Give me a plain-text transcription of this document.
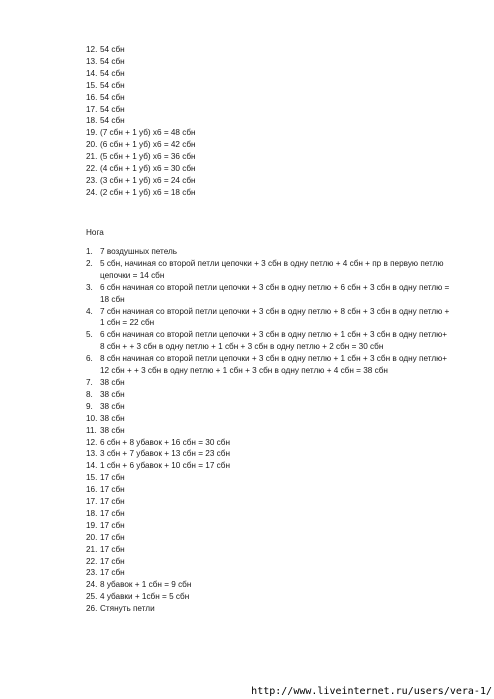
12. 54 сбн
13. 54 сбн
14. 54 сбн
15. 54 сбн
16. 54 сбн
17. 54 сбн
18. 54 сбн
19. (7 сбн + 1 уб) х6 = 48 сбн
20. (6 сбн + 1 уб) х6 = 42 сбн
21. (5 сбн + 1 уб) х6 = 36 сбн
22. (4 сбн + 1 уб) х6 = 30 сбн
23. (3 сбн + 1 уб) х6 = 24 сбн
24. (2 сбн + 1 уб) х6 = 18 сбн
Нога
1. 7 воздушных петель
2. 5 сбн, начиная со второй петли цепочки + 3 сбн в одну петлю + 4 сбн + пр в первую петлю
цепочки = 14 сбн
3. 6 сбн начиная со второй петли цепочки + 3 сбн в одну петлю + 6 сбн + 3 сбн в одну петлю =
18 сбн
4. 7 сбн начиная со второй петли цепочки + 3 сбн в одну петлю + 8 сбн + 3 сбн в одну петлю +
1 сбн = 22 сбн
5. 6 сбн начиная со второй петли цепочки + 3 сбн в одну петлю + 1 сбн + 3 сбн в одну петлю+
8 сбн + + 3 сбн в одну петлю + 1 сбн + 3 сбн в одну петлю + 2 сбн = 30 сбн
6. 8 сбн начиная со второй петли цепочки + 3 сбн в одну петлю + 1 сбн + 3 сбн в одну петлю+
12 сбн + + 3 сбн в одну петлю + 1 сбн + 3 сбн в одну петлю + 4 сбн = 38 сбн
7. 38 сбн
8. 38 сбн
9. 38 сбн
10. 38 сбн
11. 38 сбн
12. 6 сбн + 8 убавок + 16 сбн = 30 сбн
13. 3 сбн + 7 убавок + 13 сбн = 23 сбн
14. 1 сбн + 6 убавок + 10 сбн = 17 сбн
15. 17 сбн
16. 17 сбн
17. 17 сбн
18. 17 сбн
19. 17 сбн
20. 17 сбн
21. 17 сбн
22. 17 сбн
23. 17 сбн
24. 8 убавок + 1 сбн = 9 сбн
25. 4 убавки + 1сбн = 5 сбн
26. Стянуть петли
http://www.liveinternet.ru/users/vera-1/
